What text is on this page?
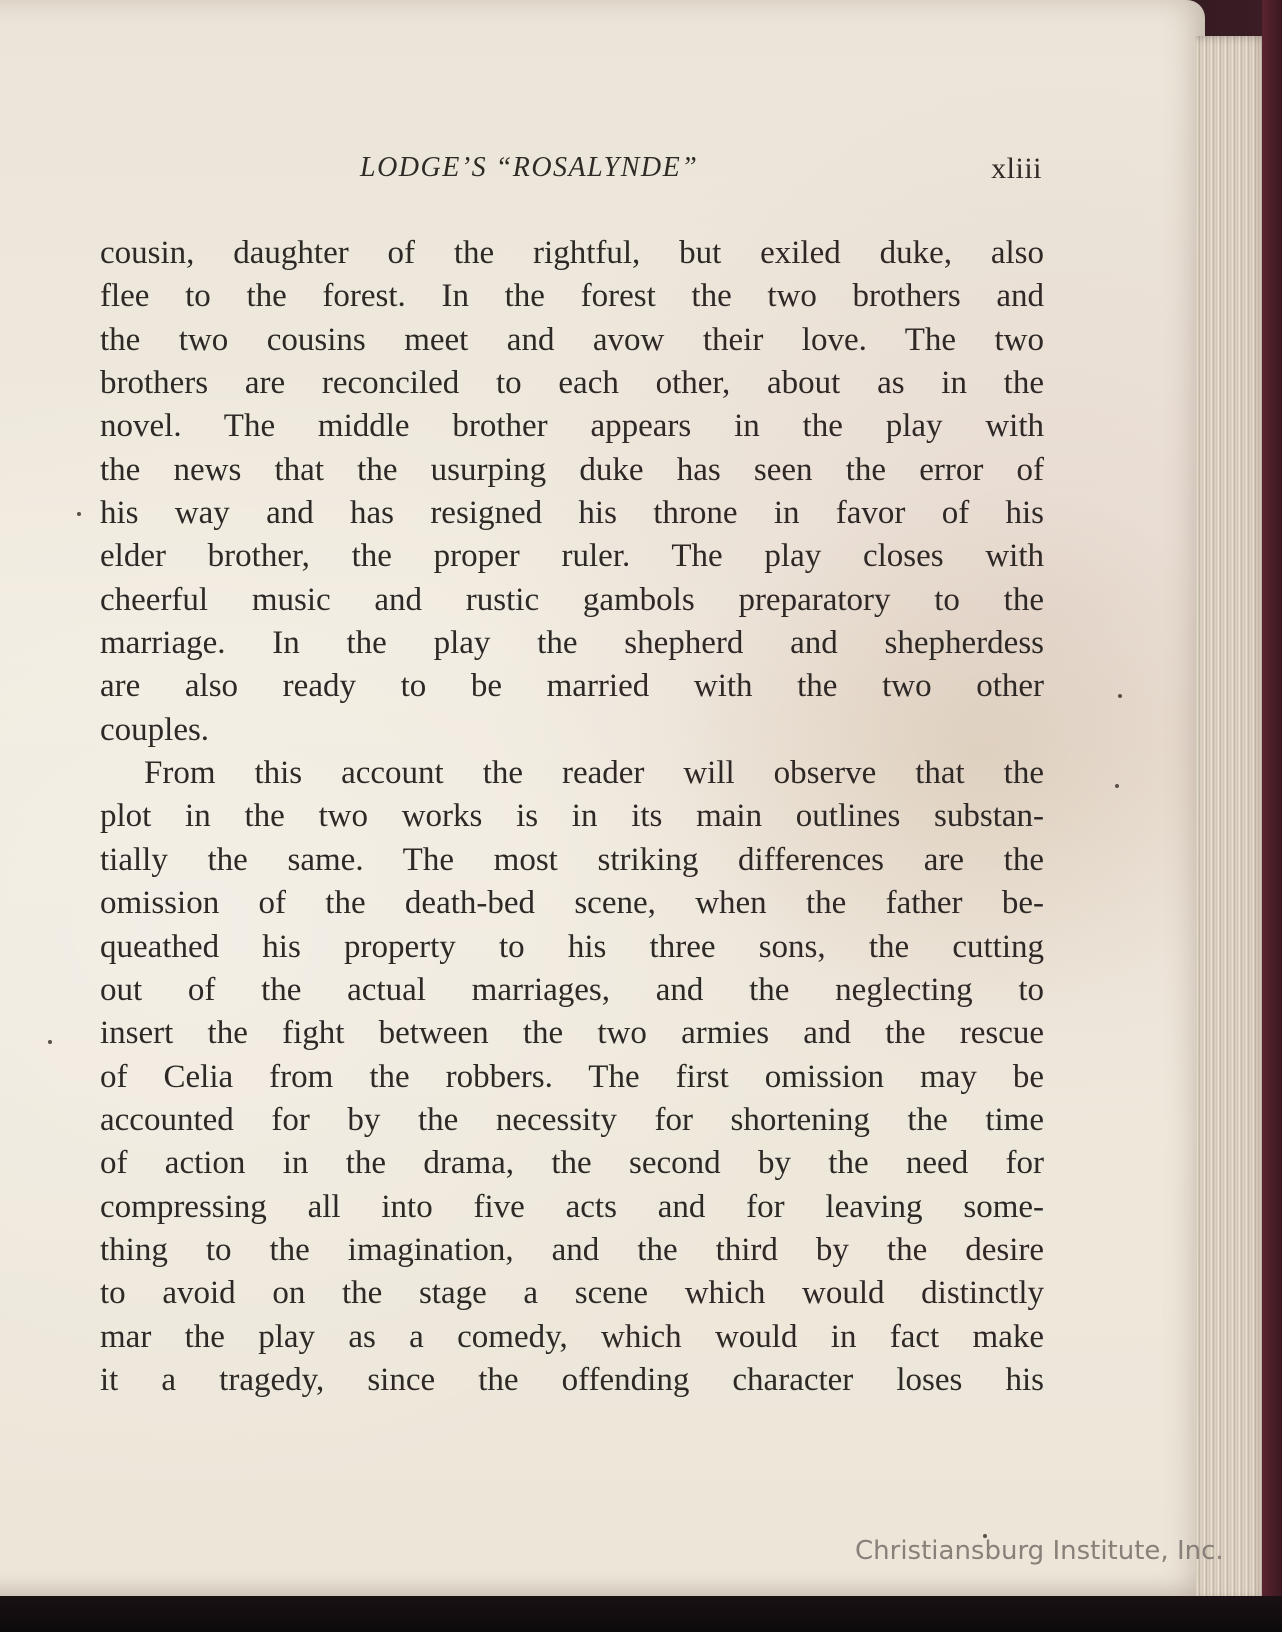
LODGE’S “ROSALYNDE”	xliii
cousin, daughter of the rightful, but exiled duke, also
flee to the forest. In the forest the two brothers and
the two cousins meet and avow their love. The two
brothers are reconciled to each other, about as in the
novel. The middle brother appears in the play with
the news that the usurping duke has seen the error of
his way and has resigned his throne in favor of his
elder brother, the proper ruler. The play closes with
cheerful music and rustic gambols preparatory to the
marriage. In the play the shepherd and shepherdess
are also ready to be married with the two other
couples.
From this account the reader will observe that the
plot in the two works is in its main outlines substan-
tially the same. The most striking differences are the
omission of the death-bed scene, when the father be-
queathed his property to his three sons, the cutting
out of the actual marriages, and the neglecting to
insert the fight between the two armies and the rescue
of Celia from the robbers. The first omission may be
accounted for by the necessity for shortening the time
of action in the drama, the second by the need for
compressing all into five acts and for leaving some-
thing to the imagination, and the third by the desire
to avoid on the stage a scene which would distinctly
mar the play as a comedy, which would in fact make
it a tragedy, since the offending character loses his
Christiansburg Institute, Inc.
